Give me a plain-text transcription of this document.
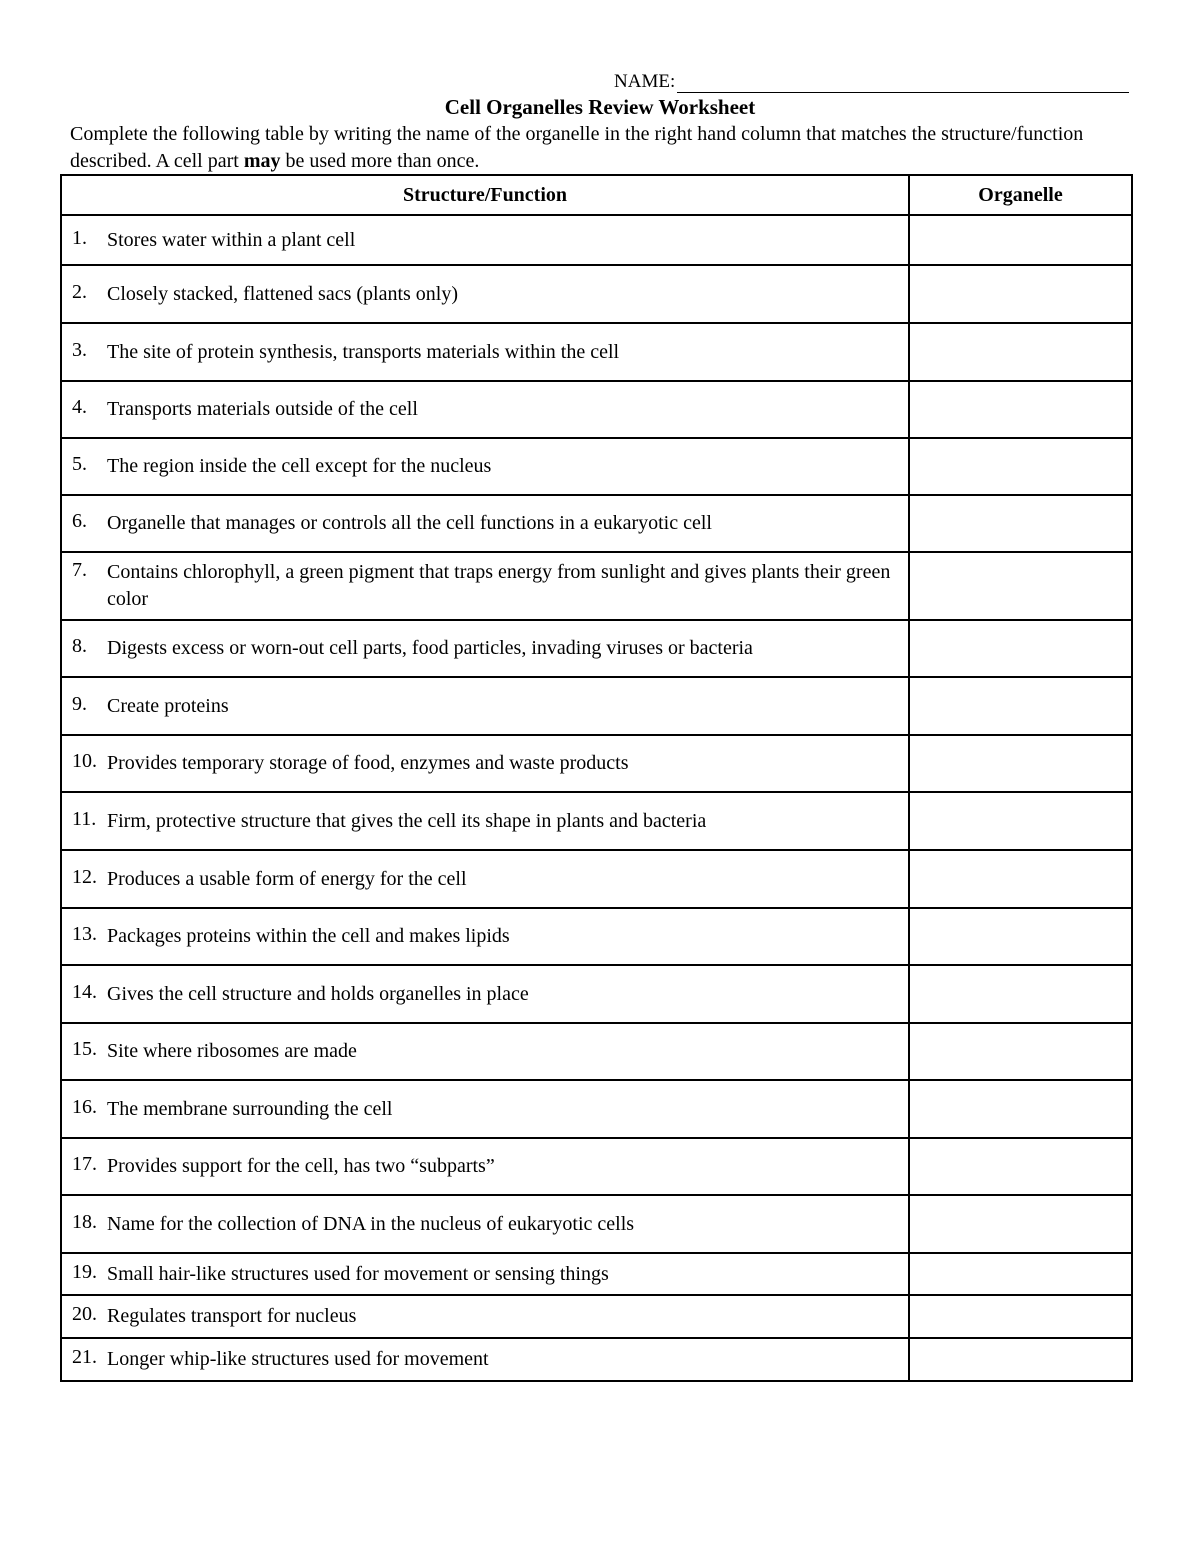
NAME:
Cell Organelles Review Worksheet
Complete the following table by writing the name of the organelle in the right hand column that matches the structure/function described. A cell part may be used more than once.
Structure/Function	Organelle

1. Stores water within a plant cell	

2. Closely stacked, flattened sacs (plants only)	

3. The site of protein synthesis, transports materials within the cell	

4. Transports materials outside of the cell	

5. The region inside the cell except for the nucleus	

6. Organelle that manages or controls all the cell functions in a eukaryotic cell	

7. Contains chlorophyll, a green pigment that traps energy from sunlight and gives plants their green color	

8. Digests excess or worn-out cell parts, food particles, invading viruses or bacteria	

9. Create proteins	

10. Provides temporary storage of food, enzymes and waste products	

11. Firm, protective structure that gives the cell its shape in plants and bacteria	

12. Produces a usable form of energy for the cell	

13. Packages proteins within the cell and makes lipids	

14. Gives the cell structure and holds organelles in place	

15. Site where ribosomes are made	

16. The membrane surrounding the cell	

17. Provides support for the cell, has two “subparts”	

18. Name for the collection of DNA in the nucleus of eukaryotic cells	

19. Small hair-like structures used for movement or sensing things	

20. Regulates transport for nucleus	

21. Longer whip-like structures used for movement	
